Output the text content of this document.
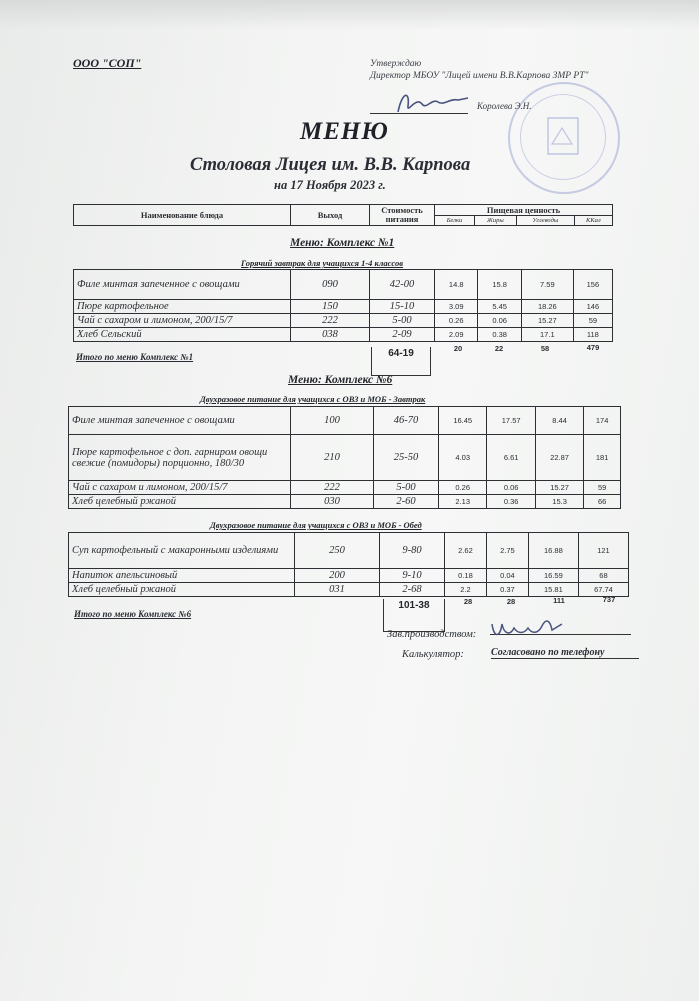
ООО "СОП"	Утверждаю
Директор МБОУ "Лицей имени В.В.Карпова ЗМР РТ"
Королева Э.Н.
МЕНЮ
Столовая Лицея им. В.В. Карпова
на 17 Ноября 2023 г.
Наименование блюда	Выход	Стоимость питания	Пищевая ценность			
			Белки	Жиры	Углеводы	ККал
Меню: Комплекс №1
Горячий завтрак для учащихся 1-4 классов
Филе минтая запеченное с овощами	090	42-00	14.8	15.8	7.59	156
Пюре картофельное	150	15-10	3.09	5.45	18.26	146
Чай с сахаром и лимоном, 200/15/7	222	5-00	0.26	0.06	15.27	59
Хлеб Сельский	038	2-09	2.09	0.38	17.1	118
Итого по меню Комплекс №1	64-19	20	22	58	479
Меню: Комплекс №6
Двухразовое питание для учащихся с ОВЗ и МОБ - Завтрак
Филе минтая запеченное с овощами	100	46-70	16.45	17.57	8.44	174
Пюре картофельное с доп. гарниром овощи свежие (помидоры) порционно, 180/30	210	25-50	4.03	6.61	22.87	181
Чай с сахаром и лимоном, 200/15/7	222	5-00	0.26	0.06	15.27	59
Хлеб целебный ржаной	030	2-60	2.13	0.36	15.3	66
Двухразовое питание для учащихся с ОВЗ и МОБ - Обед
Суп картофельный с макаронными изделиями	250	9-80	2.62	2.75	16.88	121
Напиток апельсиновый	200	9-10	0.18	0.04	16.59	68
Хлеб целебный ржаной	031	2-68	2.2	0.37	15.81	67.74
Итого по меню Комплекс №6
101-38	28	28	111	737
Зав.производством:
Калькулятор:	Согласовано по телефону
